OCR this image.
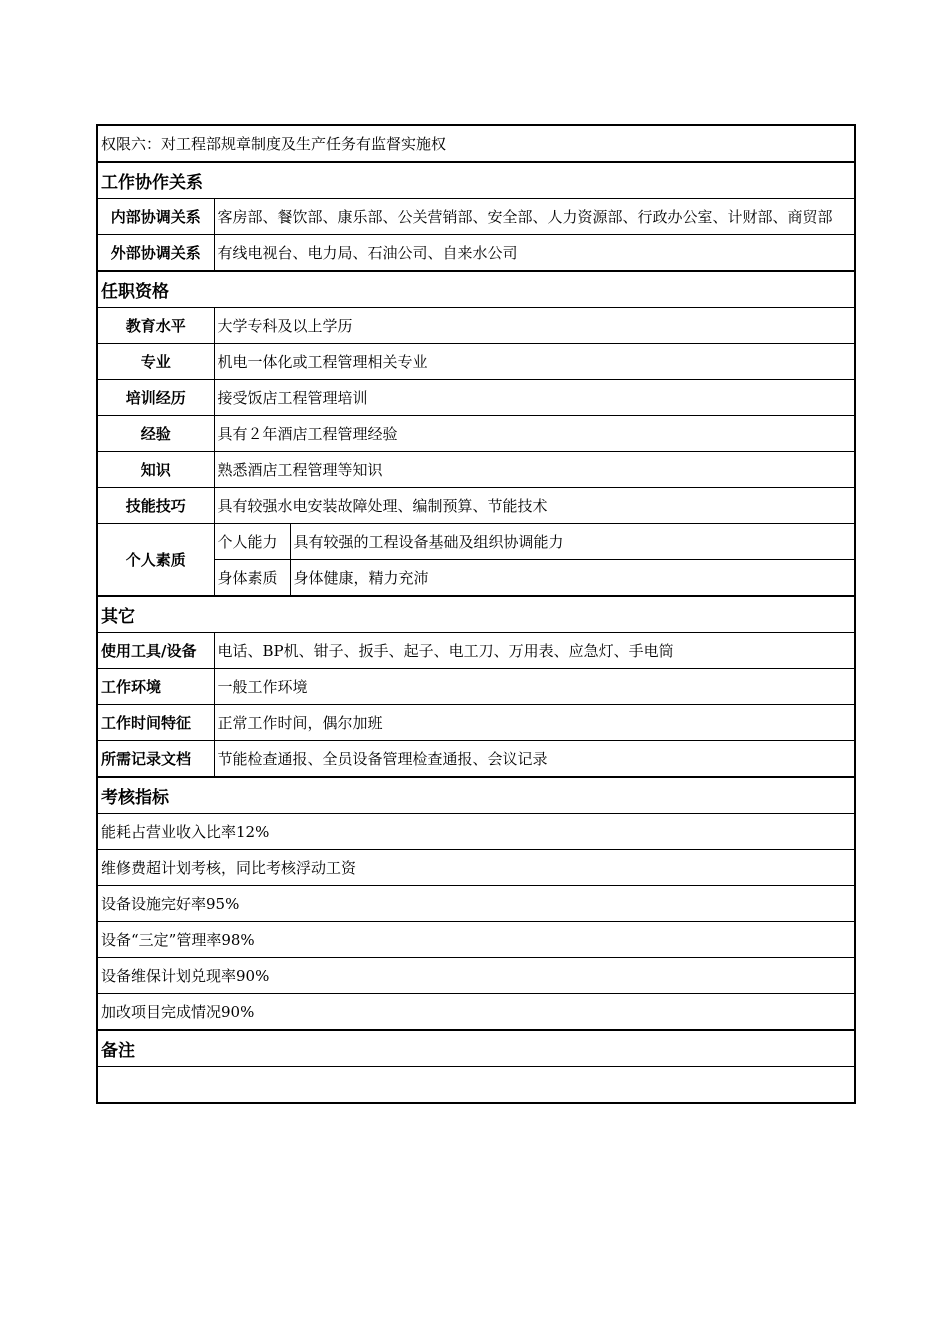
权限六：对工程部规章制度及生产任务有监督实施权		
工作协作关系		
内部协调关系	客房部、餐饮部、康乐部、公关营销部、安全部、人力资源部、行政办公室、计财部、商贸部	
外部协调关系	有线电视台、电力局、石油公司、自来水公司	
任职资格		
教育水平	大学专科及以上学历	
专业	机电一体化或工程管理相关专业	
培训经历	接受饭店工程管理培训	
经验	具有２年酒店工程管理经验	
知识	熟悉酒店工程管理等知识	
技能技巧	具有较强水电安装故障处理、编制预算、节能技术	
个人素质	个人能力	具有较强的工程设备基础及组织协调能力
	身体素质	身体健康，精力充沛
其它		
使用工具/设备	电话、BP机、钳子、扳手、起子、电工刀、万用表、应急灯、手电筒	
工作环境	一般工作环境	
工作时间特征	正常工作时间，偶尔加班	
所需记录文档	节能检查通报、全员设备管理检查通报、会议记录	
考核指标		
能耗占营业收入比率12%		
维修费超计划考核，同比考核浮动工资		
设备设施完好率95%		
设备“三定”管理率98%		
设备维保计划兑现率90%		
加改项目完成情况90%		
备注		
